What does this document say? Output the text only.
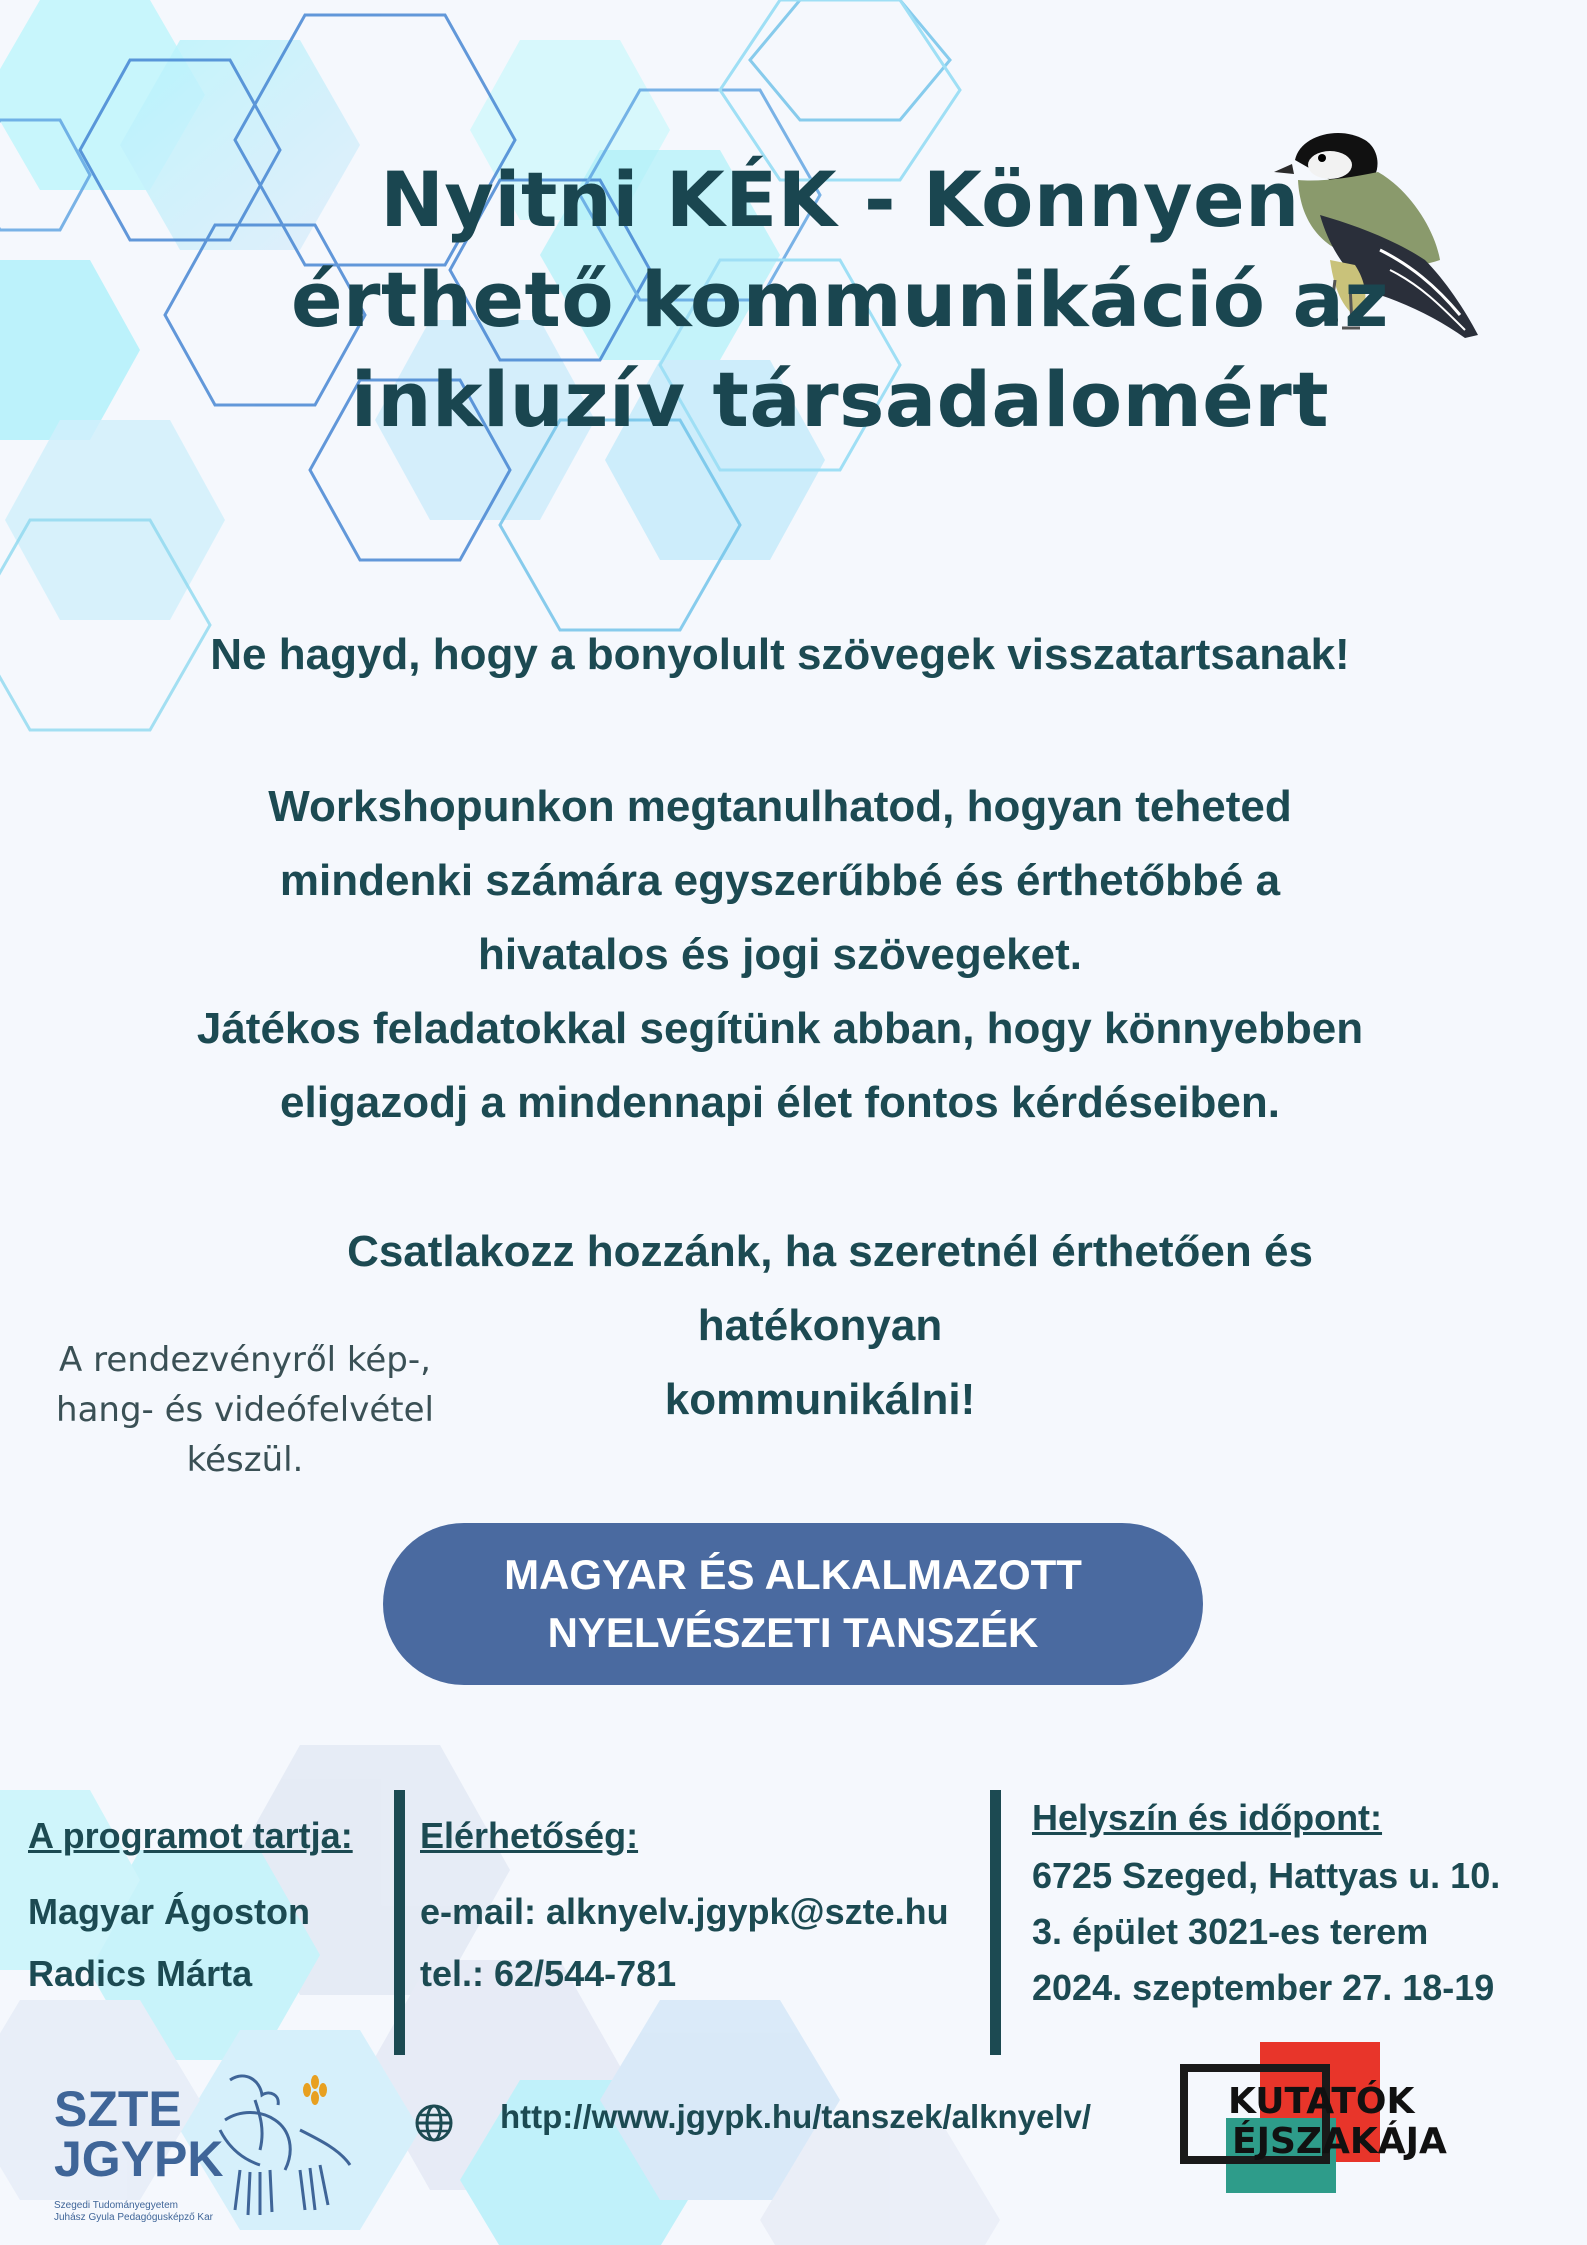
Nyitni KÉK - Könnyen
érthető kommunikáció az
inkluzív társadalomért
Ne hagyd, hogy a bonyolult szövegek visszatartsanak!
Workshopunkon megtanulhatod, hogyan teheted
mindenki számára egyszerűbbé és érthetőbbé a
hivatalos és jogi szövegeket.
Játékos feladatokkal segítünk abban, hogy könnyebben
eligazodj a mindennapi élet fontos kérdéseiben.
Csatlakozz hozzánk, ha szeretnél érthetően és
hatékonyan
kommunikálni!
A rendezvényről kép-,
hang- és videófelvétel
készül.
MAGYAR ÉS ALKALMAZOTT
NYELVÉSZETI TANSZÉK
A programot tartja:
Magyar Ágoston
Radics Márta
Elérhetőség:
e-mail: alknyelv.jgypk@szte.hu
tel.: 62/544-781
Helyszín és időpont:
6725 Szeged, Hattyas u. 10.
3. épület 3021-es terem
2024. szeptember 27. 18-19
SZTE
JGYPK
Szegedi Tudományegyetem
Juhász Gyula Pedagógusképző Kar
http://www.jgypk.hu/tanszek/alknyelv/	KUTATÓK
ÉJSZAKÁJA
